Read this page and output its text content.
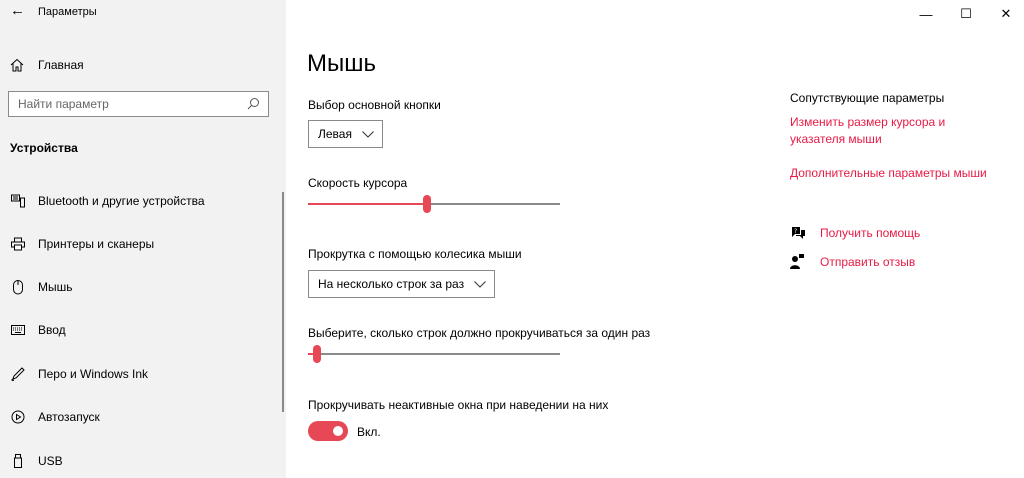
← Параметры
Главная
Найти параметр
Устройства
Bluetooth и другие устройства
Принтеры и сканеры
Мышь
Ввод
Перо и Windows Ink
Автозапуск
USB
—	☐	✕
Мышь
Выбор основной кнопки
Левая
Скорость курсора
Прокрутка с помощью колесика мыши
На несколько строк за раз
Выберите, сколько строк должно прокручиваться за один раз
Прокручивать неактивные окна при наведении на них
Вкл.
Сопутствующие параметры
Изменить размер курсора и
указателя мыши
Дополнительные параметры мыши
? Получить помощь
Отправить отзыв
